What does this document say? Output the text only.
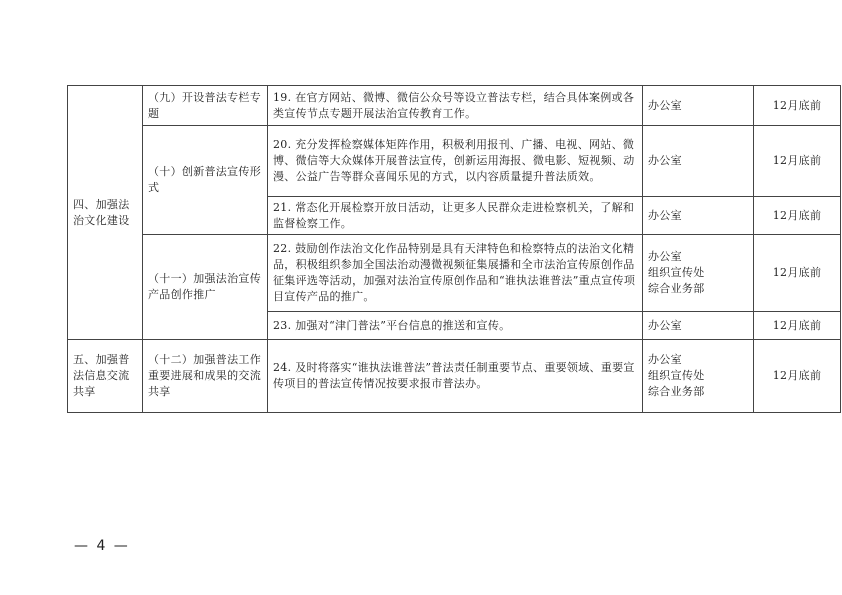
四、加强法治文化建设	（九）开设普法专栏专题	19. 在官方网站、微博、微信公众号等设立普法专栏，结合具体案例或各类宣传节点专题开展法治宣传教育工作。	办公室	12月底前
	（十）创新普法宣传形式	20. 充分发挥检察媒体矩阵作用，积极利用报刊、广播、电视、网站、微博、微信等大众媒体开展普法宣传，创新运用海报、微电影、短视频、动漫、公益广告等群众喜闻乐见的方式，以内容质量提升普法质效。	办公室	12月底前
		21. 常态化开展检察开放日活动，让更多人民群众走进检察机关，了解和监督检察工作。	办公室	12月底前
	（十一）加强法治宣传产品创作推广	22. 鼓励创作法治文化作品特别是具有天津特色和检察特点的法治文化精品，积极组织参加全国法治动漫微视频征集展播和全市法治宣传原创作品征集评选等活动，加强对法治宣传原创作品和“谁执法谁普法”重点宣传项目宣传产品的推广。	办公室
组织宣传处
综合业务部	12月底前
		23. 加强对“津门普法”平台信息的推送和宣传。	办公室	12月底前
五、加强普法信息交流共享	（十二）加强普法工作重要进展和成果的交流共享	24. 及时将落实“谁执法谁普法”普法责任制重要节点、重要领域、重要宣传项目的普法宣传情况按要求报市普法办。	办公室
组织宣传处
综合业务部	12月底前
— 4 —
